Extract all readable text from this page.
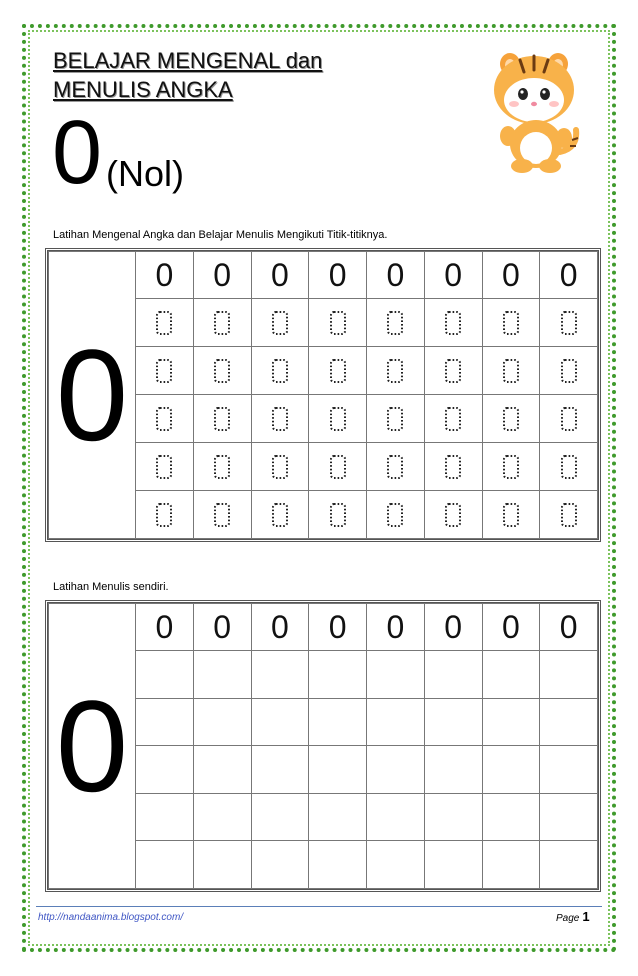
BELAJAR MENGENAL dan
MENULIS ANGKA
0 (Nol)
Latihan Mengenal Angka dan Belajar Menulis Mengikuti Titik-titiknya.
0	0	0	0	0	0	0	0	0

Latihan Menulis sendiri.
0	0	0	0	0	0	0	0	0

http://nandaanima.blogspot.com/	Page 1
